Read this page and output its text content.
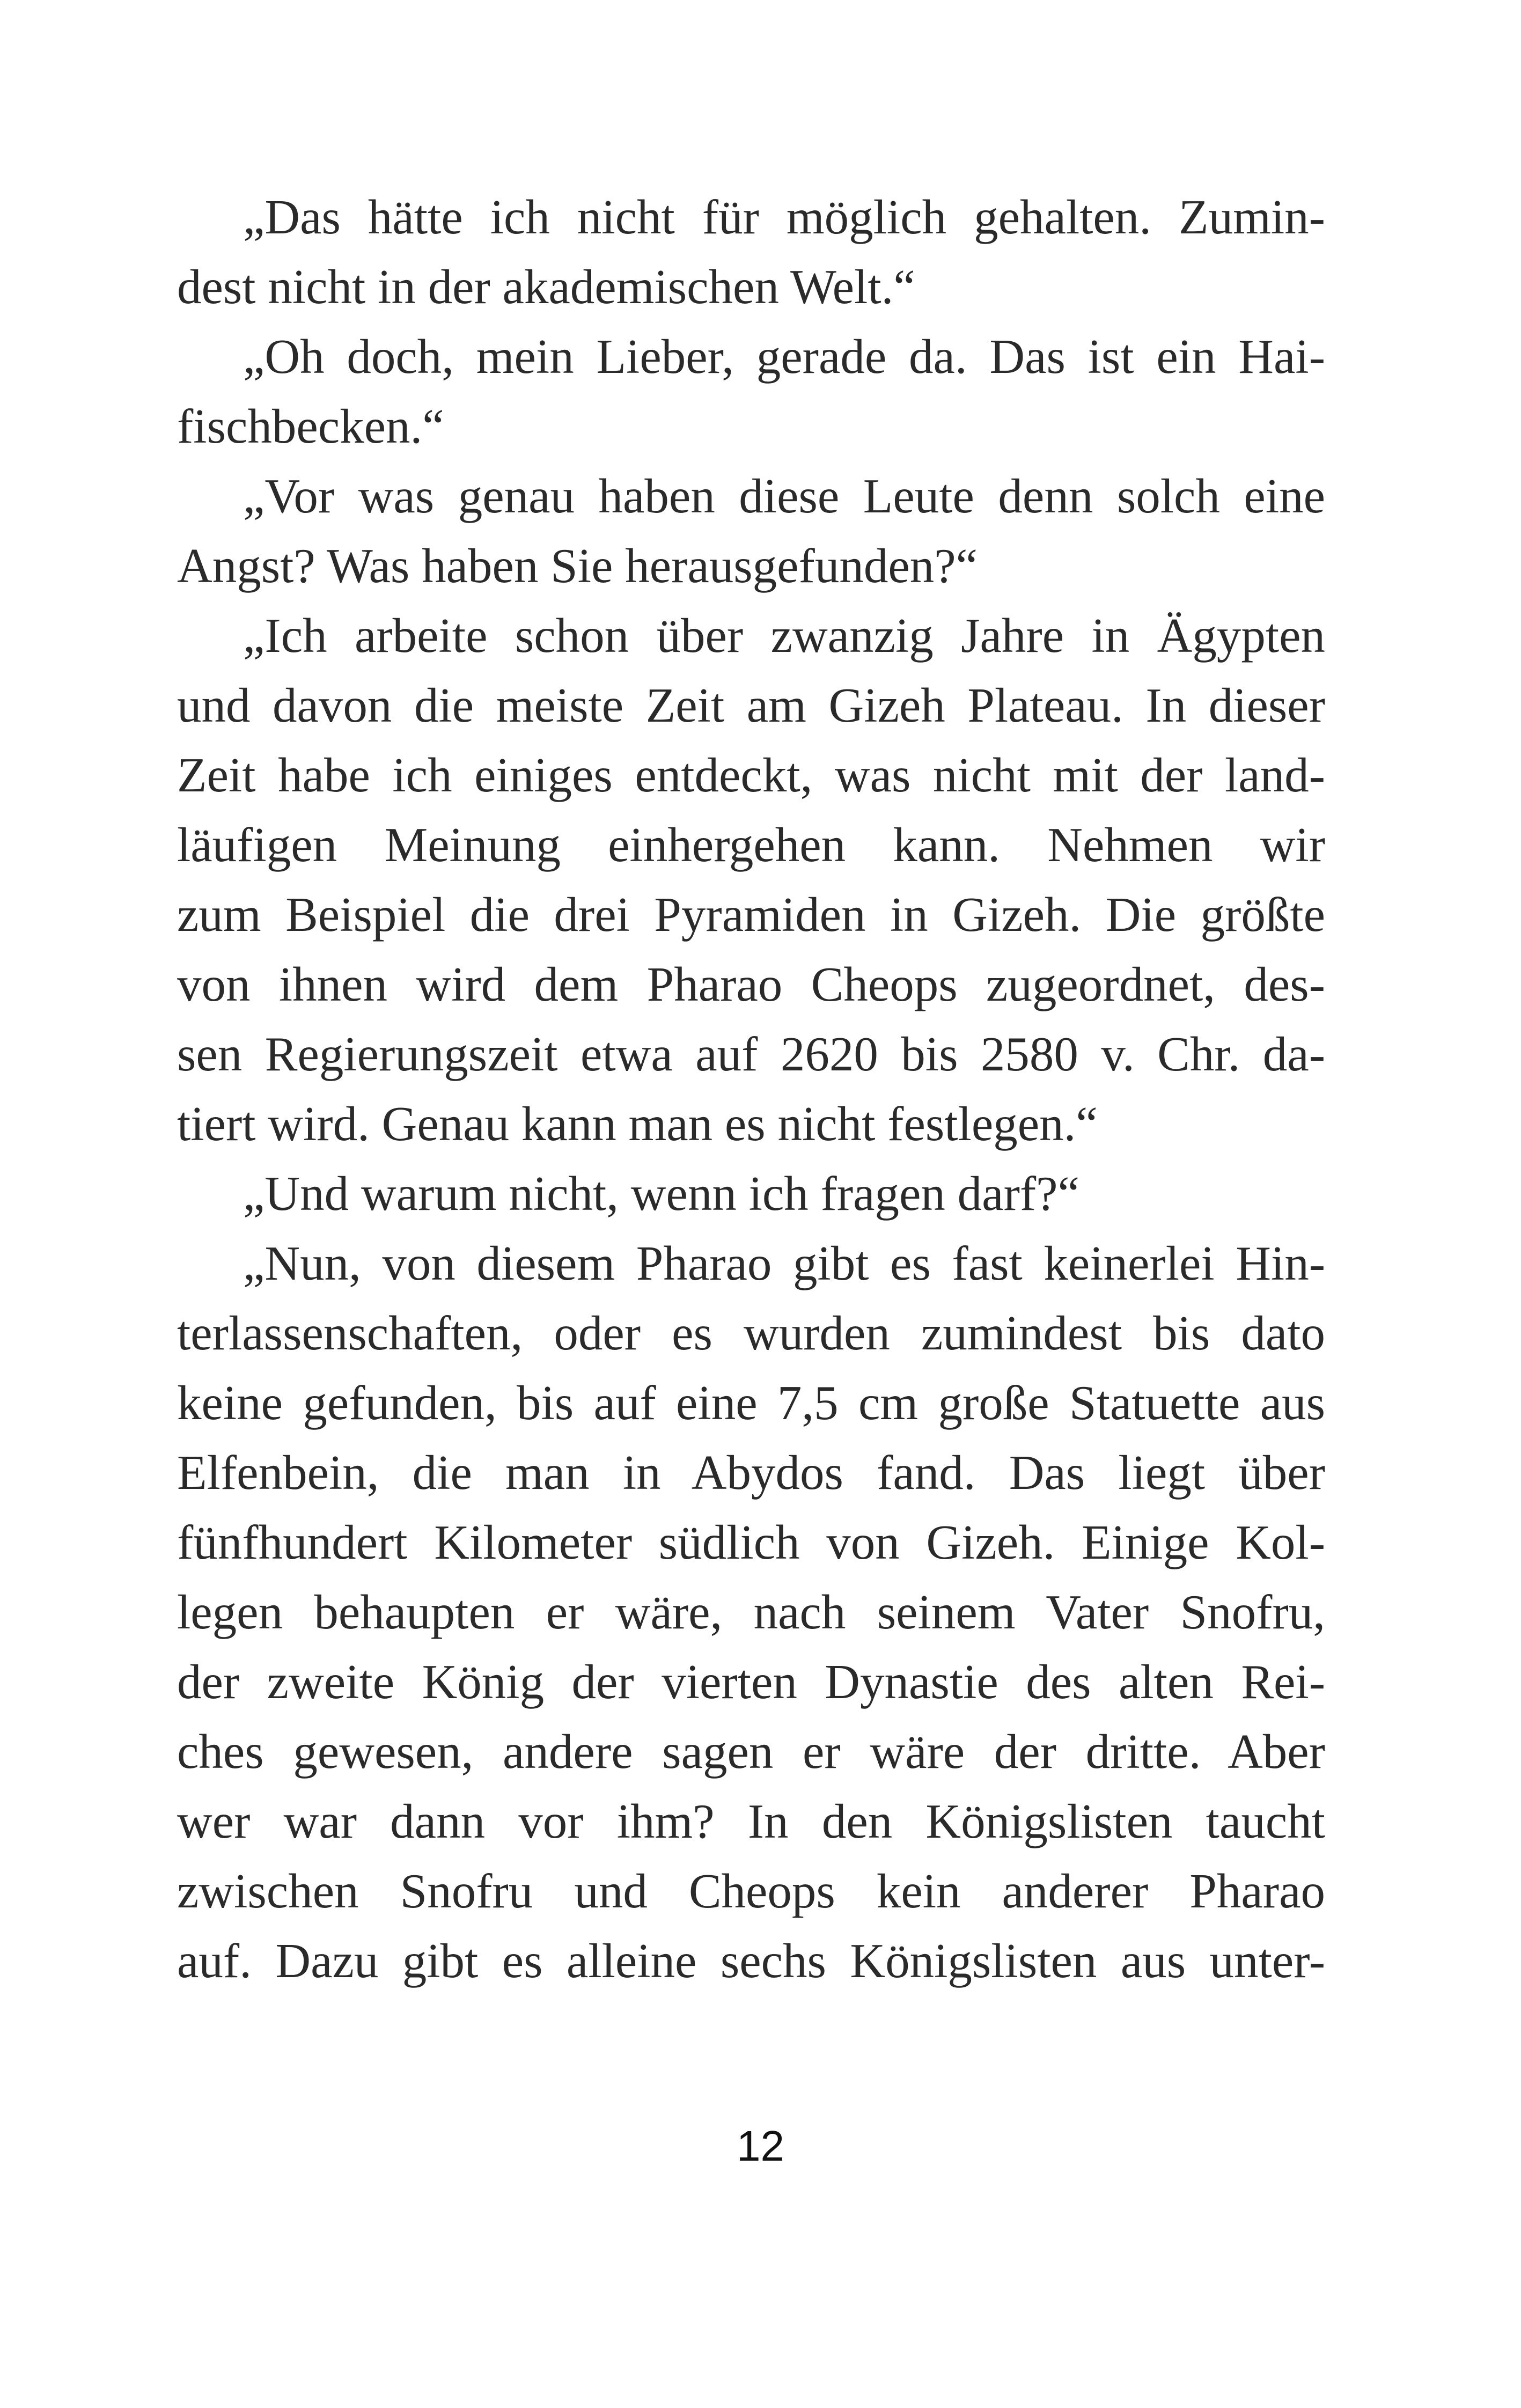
„Das hätte ich nicht für möglich gehalten. Zumin-
dest nicht in der akademischen Welt.“
„Oh doch, mein Lieber, gerade da. Das ist ein Hai-
fischbecken.“
„Vor was genau haben diese Leute denn solch eine
Angst? Was haben Sie herausgefunden?“
„Ich arbeite schon über zwanzig Jahre in Ägypten
und davon die meiste Zeit am Gizeh Plateau. In dieser
Zeit habe ich einiges entdeckt, was nicht mit der land-
läufigen Meinung einhergehen kann. Nehmen wir
zum Beispiel die drei Pyramiden in Gizeh. Die größte
von ihnen wird dem Pharao Cheops zugeordnet, des-
sen Regierungszeit etwa auf 2620 bis 2580 v. Chr. da-
tiert wird. Genau kann man es nicht festlegen.“
„Und warum nicht, wenn ich fragen darf?“
„Nun, von diesem Pharao gibt es fast keinerlei Hin-
terlassenschaften, oder es wurden zumindest bis dato
keine gefunden, bis auf eine 7,5 cm große Statuette aus
Elfenbein, die man in Abydos fand. Das liegt über
fünfhundert Kilometer südlich von Gizeh. Einige Kol-
legen behaupten er wäre, nach seinem Vater Snofru,
der zweite König der vierten Dynastie des alten Rei-
ches gewesen, andere sagen er wäre der dritte. Aber
wer war dann vor ihm? In den Königslisten taucht
zwischen Snofru und Cheops kein anderer Pharao
auf. Dazu gibt es alleine sechs Königslisten aus unter-
12
